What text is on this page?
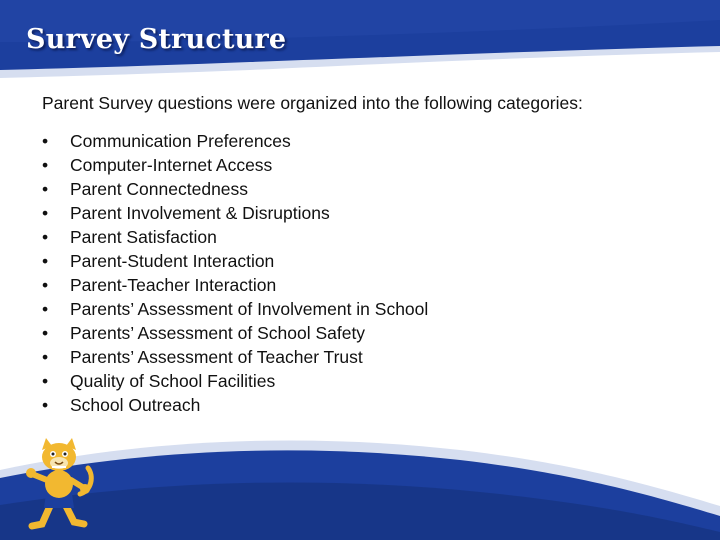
Survey Structure

Parent Survey questions were organized into the following categories:

• Communication Preferences
• Computer-Internet Access
• Parent Connectedness
• Parent Involvement & Disruptions
• Parent Satisfaction
• Parent-Student Interaction
• Parent-Teacher Interaction
• Parents’ Assessment of Involvement in School
• Parents’ Assessment of School Safety
• Parents’ Assessment of Teacher Trust
• Quality of School Facilities
• School Outreach
